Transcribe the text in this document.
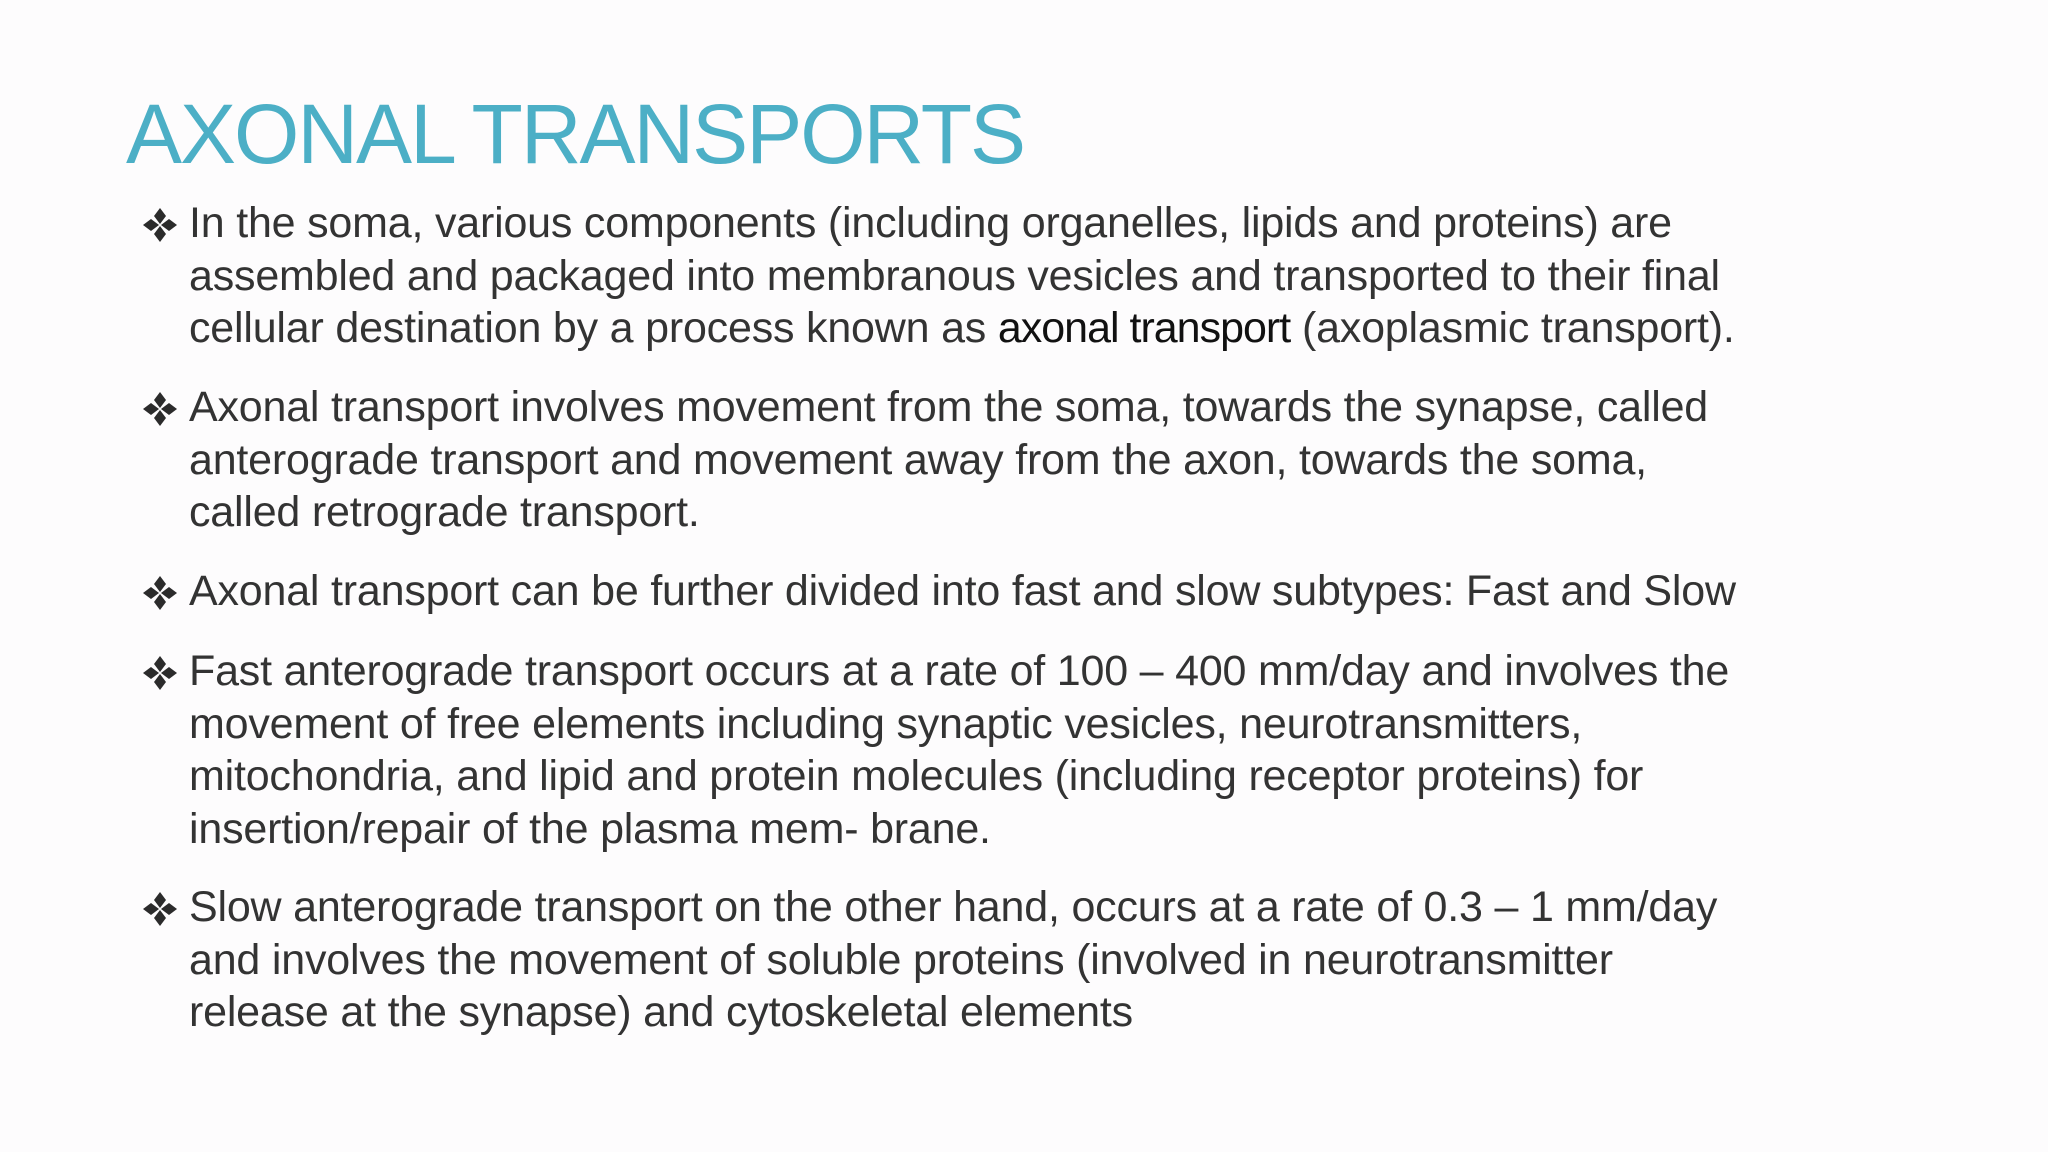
AXONAL TRANSPORTS
In the soma, various components (including organelles, lipids and proteins) are
assembled and packaged into membranous vesicles and transported to their final
cellular destination by a process known as axonal transport (axoplasmic transport).
Axonal transport involves movement from the soma, towards the synapse, called
anterograde transport and movement away from the axon, towards the soma,
called retrograde transport.
Axonal transport can be further divided into fast and slow subtypes: Fast and Slow
Fast anterograde transport occurs at a rate of 100 – 400 mm/day and involves the
movement of free elements including synaptic vesicles, neurotransmitters,
mitochondria, and lipid and protein molecules (including receptor proteins) for
insertion/repair of the plasma mem- brane.
Slow anterograde transport on the other hand, occurs at a rate of 0.3 – 1 mm/day
and involves the movement of soluble proteins (involved in neurotransmitter
release at the synapse) and cytoskeletal elements
